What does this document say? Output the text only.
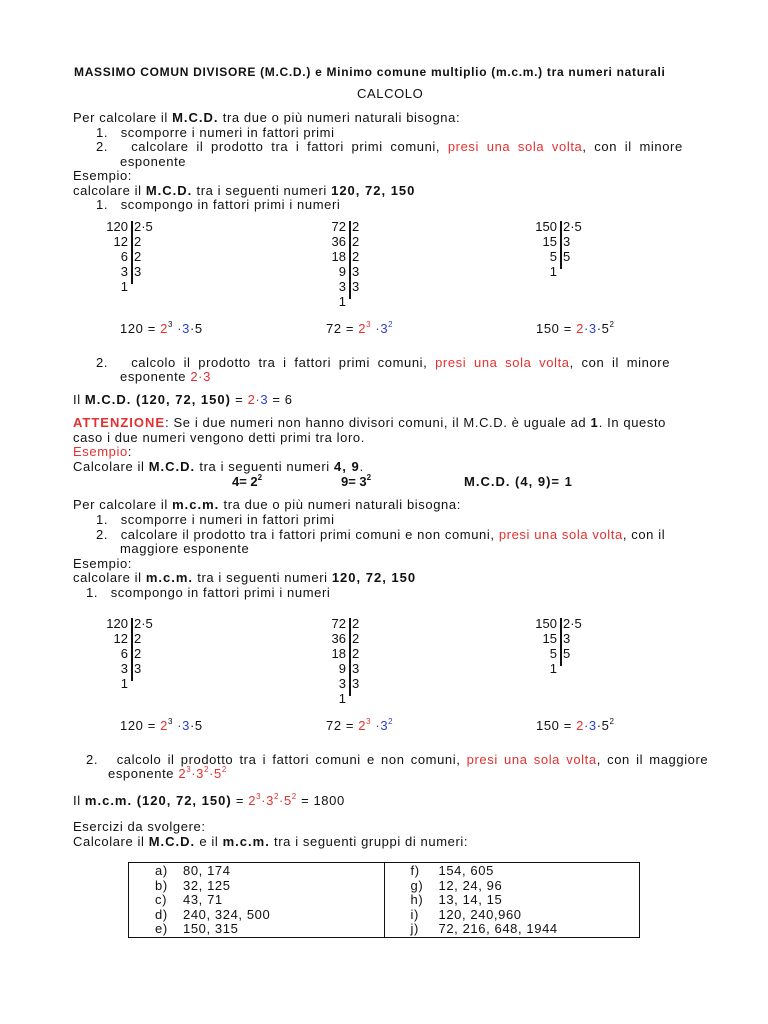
MASSIMO COMUN DIVISORE (M.C.D.) e Minimo comune multiplio (m.c.m.) tra numeri naturali
CALCOLO
Per calcolare il M.C.D. tra due o più numeri naturali bisogna:
1.   scomporre i numeri in fattori primi
2.   calcolare il prodotto tra i fattori primi comuni, presi una sola volta, con il minore
esponente
Esempio:
calcolare il M.C.D. tra i seguenti numeri 120, 72, 150
1.   scompongo in fattori primi i numeri
120 2·5
12 2
6 2
3 3
1
72 2
36 2
18 2
9 3
3 3
1
150 2·5
15 3
5 5
1
$120 = 2^3 \cdot 3\cdot 5$	$72 = 2^3 \cdot 3^2$	$150 = 2\cdot 3\cdot 5^2$
2.   calcolo il prodotto tra i fattori primi comuni, presi una sola volta, con il minore
esponente 2·3
Il M.C.D. (120, 72, 150) = 2·3 = 6
ATTENZIONE: Se i due numeri non hanno divisori comuni, il M.C.D. è uguale ad 1. In questo
caso i due numeri vengono detti primi tra loro.
Esempio:
Calcolare il M.C.D. tra i seguenti numeri 4, 9.
$4= 2^2$	$9= 3^2$	M.C.D. (4, 9)= 1
Per calcolare il m.c.m. tra due o più numeri naturali bisogna:
1.   scomporre i numeri in fattori primi
2.   calcolare il prodotto tra i fattori primi comuni e non comuni, presi una sola volta, con il
maggiore esponente
Esempio:
calcolare il m.c.m. tra i seguenti numeri 120, 72, 150
1.   scompongo in fattori primi i numeri
120 2·5
12 2
6 2
3 3
1
72 2
36 2
18 2
9 3
3 3
1
150 2·5
15 3
5 5
1
$120 = 2^3 \cdot 3\cdot 5$	$72 = 2^3 \cdot 3^2$	$150 = 2\cdot 3\cdot 5^2$
2.   calcolo il prodotto tra i fattori comuni e non comuni, presi una sola volta, con il maggiore
esponente $2^3\cdot 3^2\cdot 5^2$
Il m.c.m. (120, 72, $150) = 2^3\cdot 3^2\cdot 5^2 = 1800$
Esercizi da svolgere:
Calcolare il M.C.D. e il m.c.m. tra i seguenti gruppi di numeri:
a) 80, 174
b) 32, 125
c) 43, 71
d) 240, 324, 500
e) 150, 315

f) 154, 605
g) 12, 24, 96
h) 13, 14, 15
i) 120, 240,960
j) 72, 216, 648, 1944
